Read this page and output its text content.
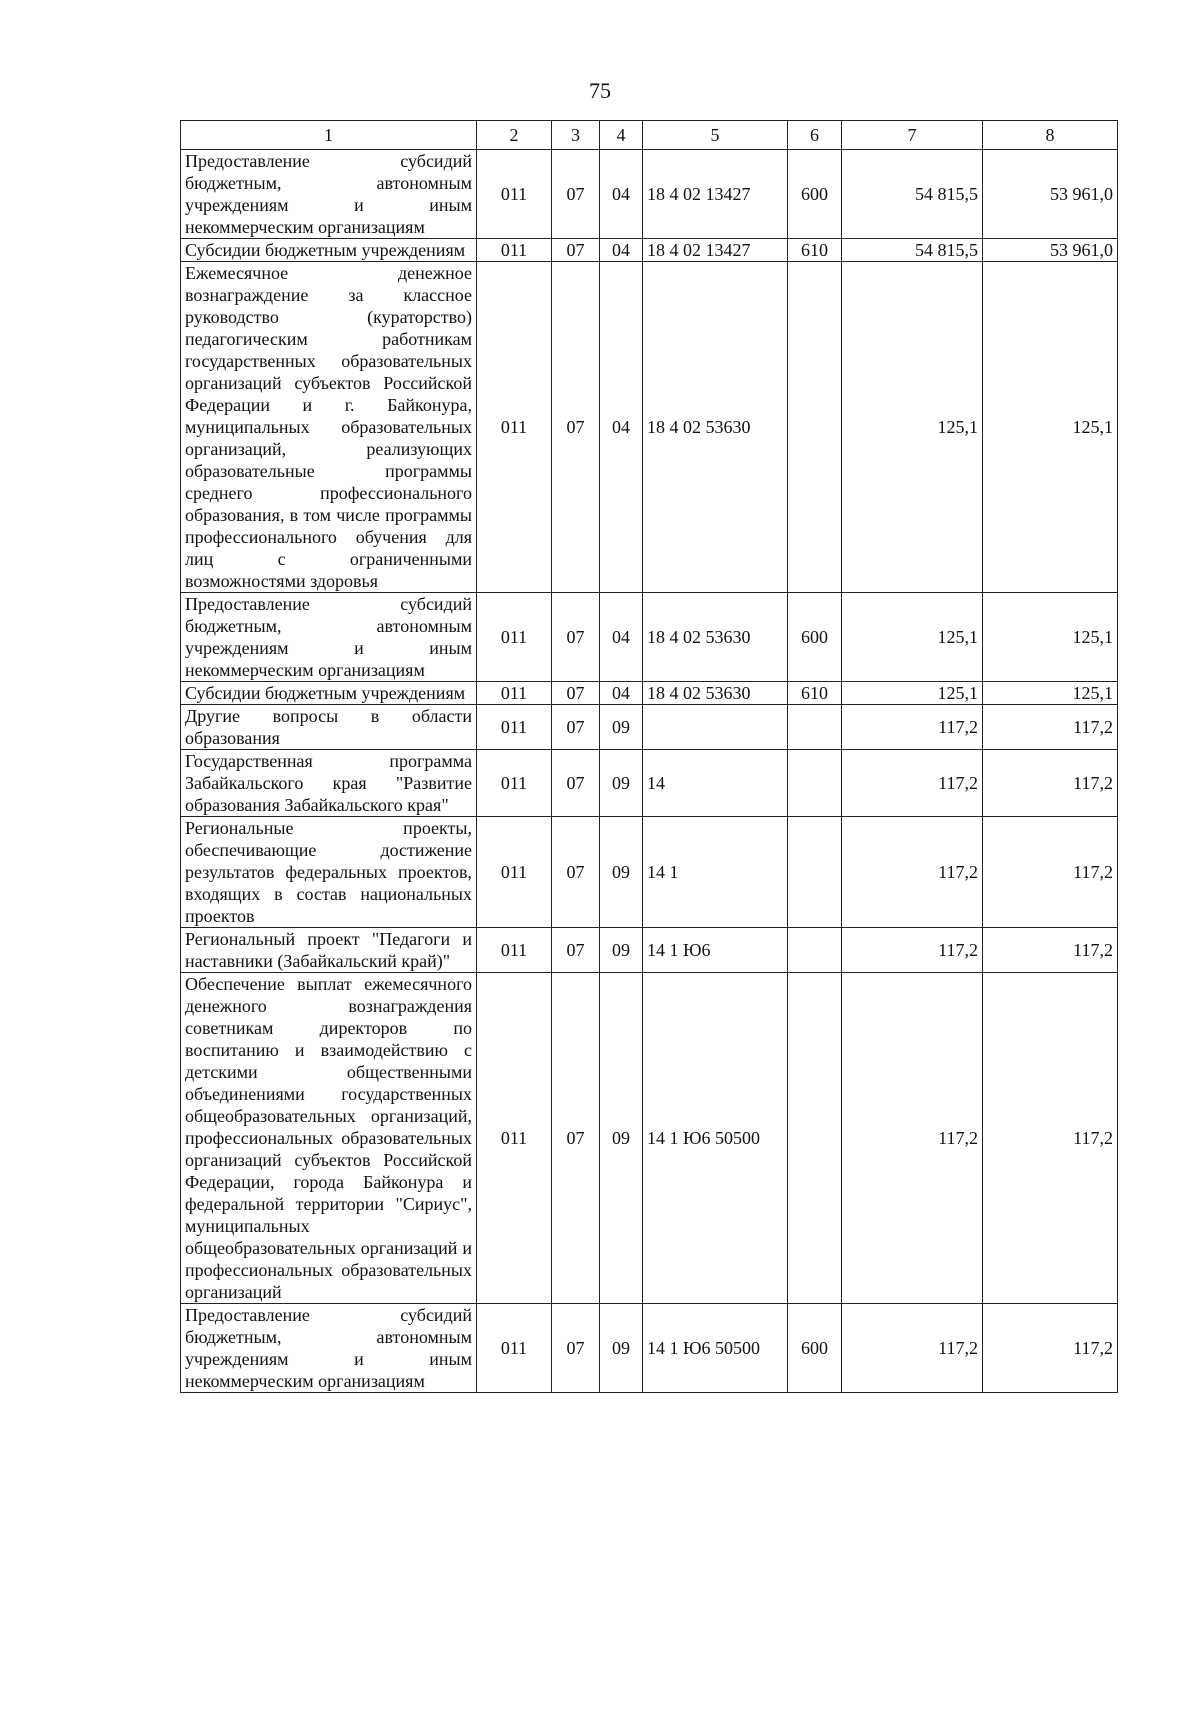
75
1	2	3	4	5	6	7	8
Предоставление субсидий бюджетным, автономным учреждениям и иным некоммерческим организациям	011	07	04	18 4 02 13427	600	54 815,5	53 961,0
Субсидии бюджетным учреждениям	011	07	04	18 4 02 13427	610	54 815,5	53 961,0
Ежемесячное денежное вознаграждение за классное руководство (кураторство) педагогическим работникам государственных образовательных организаций субъектов Российской Федерации и г. Байконура, муниципальных образовательных организаций, реализующих образовательные программы среднего профессионального образования, в том числе программы профессионального обучения для лиц с ограниченными возможностями здоровья	011	07	04	18 4 02 53630		125,1	125,1
Предоставление субсидий бюджетным, автономным учреждениям и иным некоммерческим организациям	011	07	04	18 4 02 53630	600	125,1	125,1
Субсидии бюджетным учреждениям	011	07	04	18 4 02 53630	610	125,1	125,1
Другие вопросы в области образования	011	07	09			117,2	117,2
Государственная программа Забайкальского края "Развитие образования Забайкальского края"	011	07	09	14		117,2	117,2
Региональные проекты, обеспечивающие достижение результатов федеральных проектов, входящих в состав национальных проектов	011	07	09	14 1		117,2	117,2
Региональный проект "Педагоги и наставники (Забайкальский край)"	011	07	09	14 1 Ю6		117,2	117,2
Обеспечение выплат ежемесячного денежного вознаграждения советникам директоров по воспитанию и взаимодействию с детскими общественными объединениями государственных общеобразовательных организаций, профессиональных образовательных организаций субъектов Российской Федерации, города Байконура и федеральной территории "Сириус", муниципальных общеобразовательных организаций и профессиональных образовательных организаций	011	07	09	14 1 Ю6 50500		117,2	117,2
Предоставление субсидий бюджетным, автономным учреждениям и иным некоммерческим организациям	011	07	09	14 1 Ю6 50500	600	117,2	117,2
